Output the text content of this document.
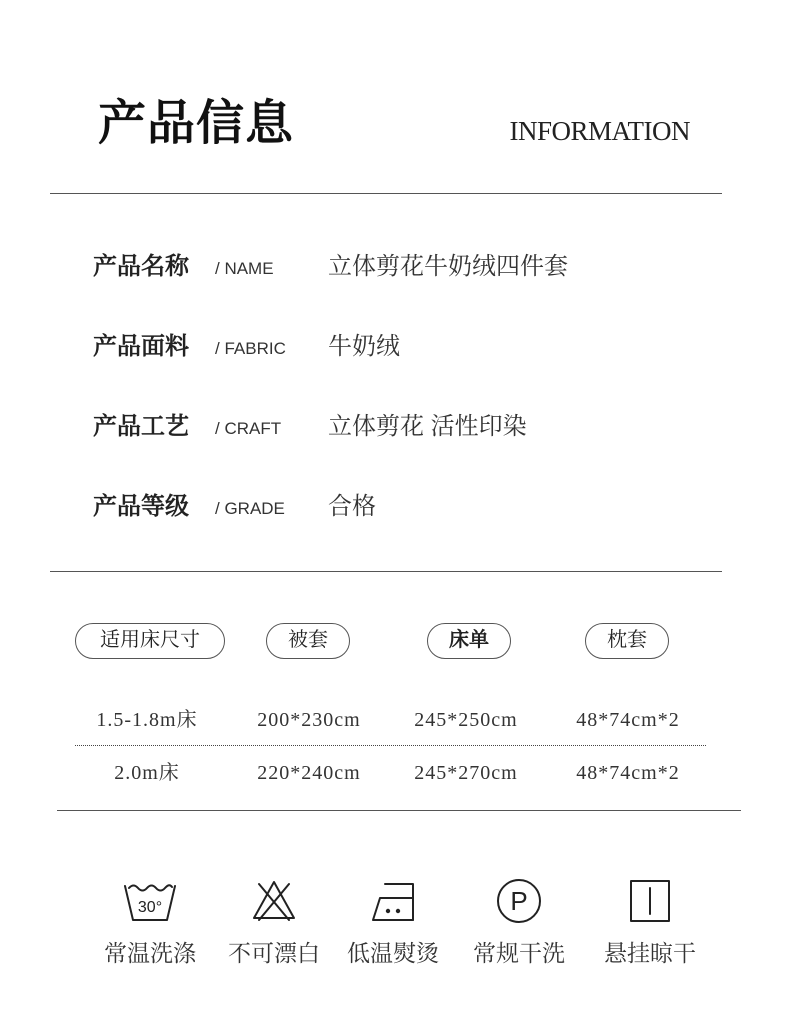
产品信息	INFORMATION
产品名称 / NAME 立体剪花牛奶绒四件套
产品面料 / FABRIC 牛奶绒
产品工艺 / CRAFT 立体剪花 活性印染
产品等级 / GRADE 合格
适用床尺寸	被套	床单	枕套
1.5-1.8m床	200*230cm	245*250cm	48*74cm*2
2.0m床	220*240cm	245*270cm	48*74cm*2
30°
常温洗涤	不可漂白	低温熨烫
P
常规干洗	悬挂晾干
